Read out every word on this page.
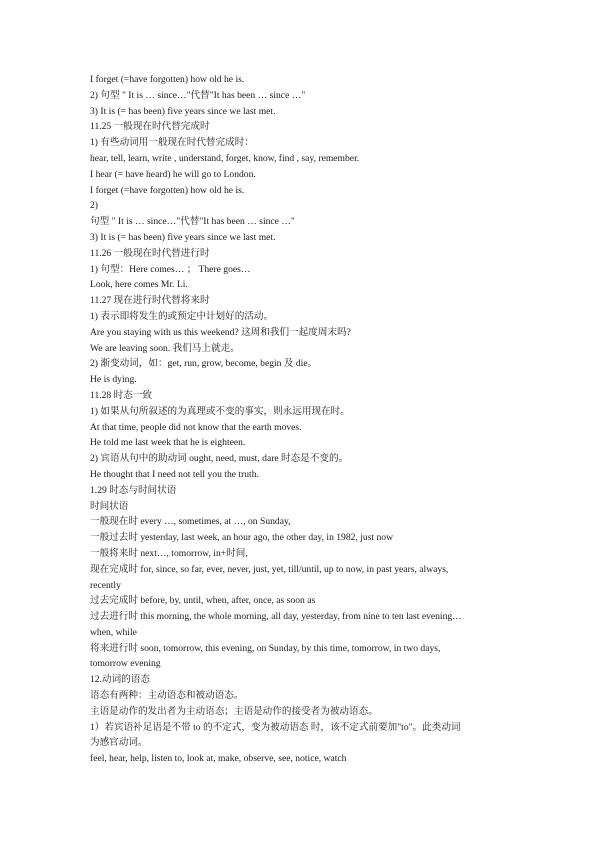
I forget (=have forgotten) how old he is.
2) 句型 " It is … since…"代替"It has been … since …"
3) It is (= has been) five years since we last met.
11.25 一般现在时代替完成时
1) 有些动词用一般现在时代替完成时：
hear, tell, learn, write , understand, forget, know, find , say, remember.
I hear (= have heard) he will go to London.
I forget (=have forgotten) how old he is.
2)
句型 " It is … since…"代替"It has been … since …"
3) It is (= has been) five years since we last met.
11.26 一般现在时代替进行时
1) 句型：Here comes… ； There goes…
Look, here comes Mr. Li.
11.27 现在进行时代替将来时
1) 表示即将发生的或预定中计划好的活动。
Are you staying with us this weekend? 这周和我们一起度周末吗?
We are leaving soon. 我们马上就走。
2) 渐变动词，如：get, run, grow, become, begin 及 die。
He is dying.
11.28 时态一致
1) 如果从句所叙述的为真理或不变的事实，则永远用现在时。
At that time, people did not know that the earth moves.
He told me last week that he is eighteen.
2) 宾语从句中的助动词 ought, need, must, dare 时态是不变的。
He thought that I need not tell you the truth.
1.29 时态与时间状语
时间状语
一般现在时 every …, sometimes, at …, on Sunday,
一般过去时 yesterday, last week, an hour ago, the other day, in 1982, just now
一般将来时 next…, tomorrow, in+时间,
现在完成时 for, since, so far, ever, never, just, yet, till/until, up to now, in past years, always,
recently
过去完成时 before, by, until, when, after, once, as soon as
过去进行时 this morning, the whole morning, all day, yesterday, from nine to ten last evening…
when, while
将来进行时 soon, tomorrow, this evening, on Sunday, by this time, tomorrow, in two days,
tomorrow evening
12.动词的语态
语态有两种：主动语态和被动语态。
主语是动作的发出者为主动语态；主语是动作的接受者为被动语态。
1）若宾语补足语是不带 to 的不定式，变为被动语态 时，该不定式前要加"to"。此类动词
为感官动词。
feel, hear, help, listen to, look at, make, observe, see, notice, watch
